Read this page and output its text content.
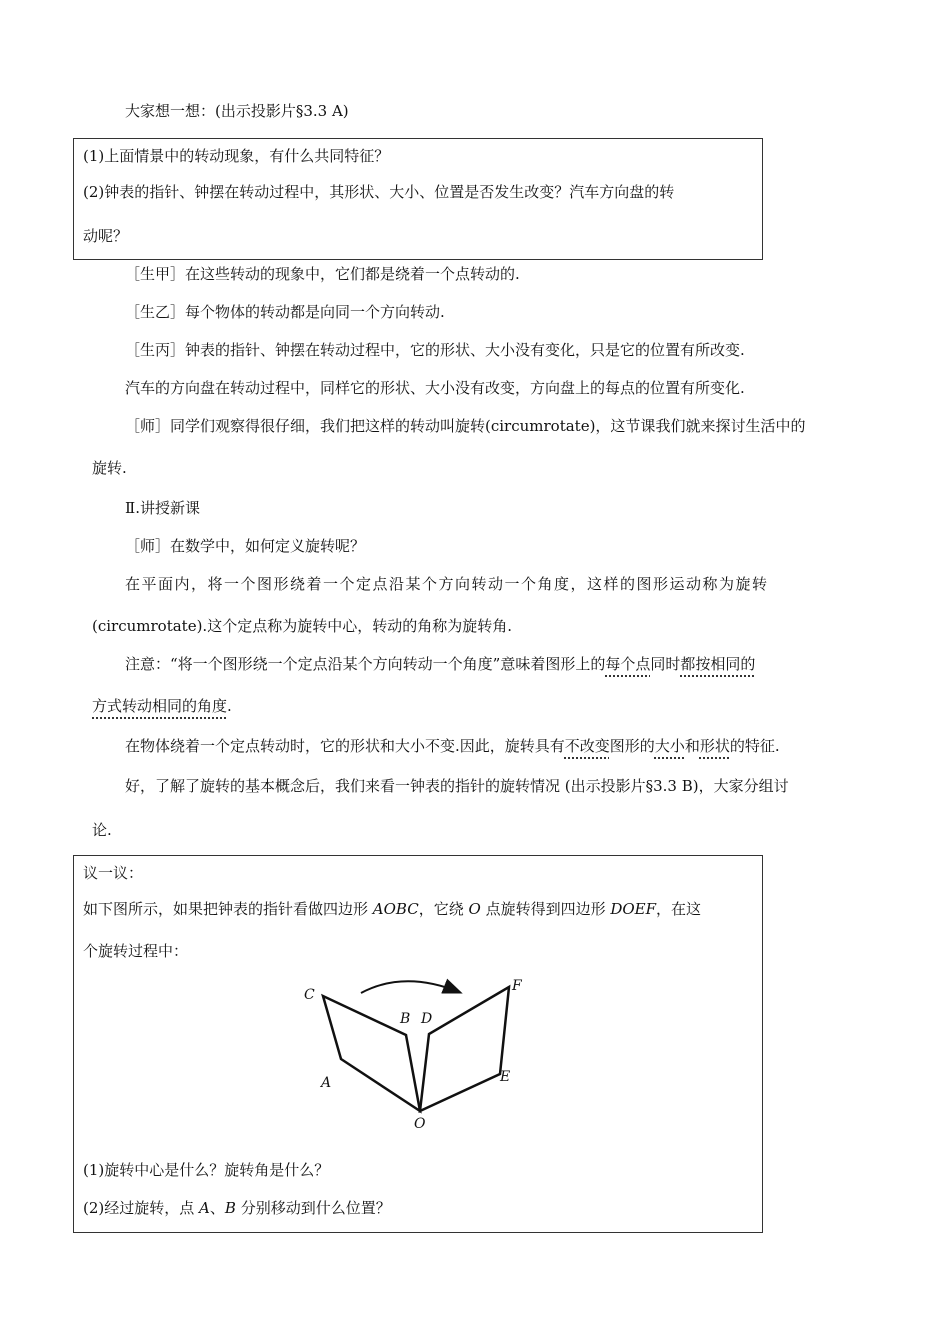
大家想一想：(出示投影片§3.3 A)
(1)上面情景中的转动现象，有什么共同特征？
(2)钟表的指针、钟摆在转动过程中，其形状、大小、位置是否发生改变？汽车方向盘的转
动呢？
［生甲］在这些转动的现象中，它们都是绕着一个点转动的.
［生乙］每个物体的转动都是向同一个方向转动.
［生丙］钟表的指针、钟摆在转动过程中，它的形状、大小没有变化，只是它的位置有所改变.
汽车的方向盘在转动过程中，同样它的形状、大小没有改变，方向盘上的每点的位置有所变化.
［师］同学们观察得很仔细，我们把这样的转动叫旋转(circumrotate)，这节课我们就来探讨生活中的
旋转.
Ⅱ.讲授新课
［师］在数学中，如何定义旋转呢？
在平面内，将一个图形绕着一个定点沿某个方向转动一个角度，这样的图形运动称为旋转
(circumrotate).这个定点称为旋转中心，转动的角称为旋转角.
注意：“将一个图形绕一个定点沿某个方向转动一个角度”意味着图形上的每个点同时都按相同的
方式转动相同的角度.
在物体绕着一个定点转动时，它的形状和大小不变.因此，旋转具有不改变图形的大小和形状的特征.
好，了解了旋转的基本概念后，我们来看一钟表的指针的旋转情况 (出示投影片§3.3 B)，大家分组讨
论.
议一议：
如下图所示，如果把钟表的指针看做四边形 AOBC，它绕 O 点旋转得到四边形 DOEF，在这
个旋转过程中：
C
B D
F
A	E
O
(1)旋转中心是什么？旋转角是什么？
(2)经过旋转，点 A、B 分别移动到什么位置？
